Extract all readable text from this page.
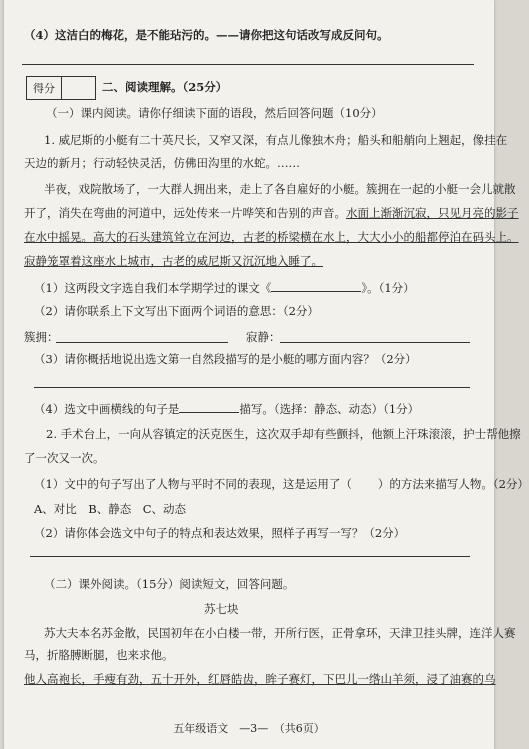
（4）这洁白的梅花，是不能玷污的。——请你把这句话改写成反问句。
得分	二、阅读理解。（25分）
（一）课内阅读。请你仔细读下面的语段，然后回答问题（10分）
1. 威尼斯的小艇有二十英尺长，又窄又深，有点儿像独木舟；船头和船艄向上翘起，像挂在
天边的新月；行动轻快灵活，仿佛田沟里的水蛇。……
半夜，戏院散场了，一大群人拥出来，走上了各自雇好的小艇。簇拥在一起的小艇一会儿就散
开了，消失在弯曲的河道中，远处传来一片哗笑和告别的声音。水面上渐渐沉寂，只见月亮的影子
在水中摇晃。高大的石头建筑耸立在河边，古老的桥梁横在水上，大大小小的船都停泊在码头上。
寂静笼罩着这座水上城市，古老的威尼斯又沉沉地入睡了。
（1）这两段文字选自我们本学期学过的课文《	》。（1分）
（2）请你联系上下文写出下面两个词语的意思：（2分）
簇拥：	寂静：
（3）请你概括地说出选文第一自然段描写的是小艇的哪方面内容？（2分）
（4）选文中画横线的句子是	描写。（选择：静态、动态）（1分）
2. 手术台上，一向从容镇定的沃克医生，这次双手却有些颤抖，他额上汗珠滚滚，护士帮他擦
了一次又一次。
（1）文中的句子写出了人物与平时不同的表现，这是运用了（ ）的方法来描写人物。（2分）
A、对比　B、静态　C、动态
（2）请你体会选文中句子的特点和表达效果，照样子再写一写？（2分）
（二）课外阅读。（15分）阅读短文，回答问题。
苏七块
苏大夫本名苏金散，民国初年在小白楼一带，开所行医，正骨拿环，天津卫挂头牌，连洋人赛
马，折胳膊断腿，也来求他。
他人高袍长，手瘦有劲，五十开外，红唇皓齿，眸子赛灯，下巴儿一绺山羊须，浸了油赛的乌
五年级语文　—3—　（共6页）
